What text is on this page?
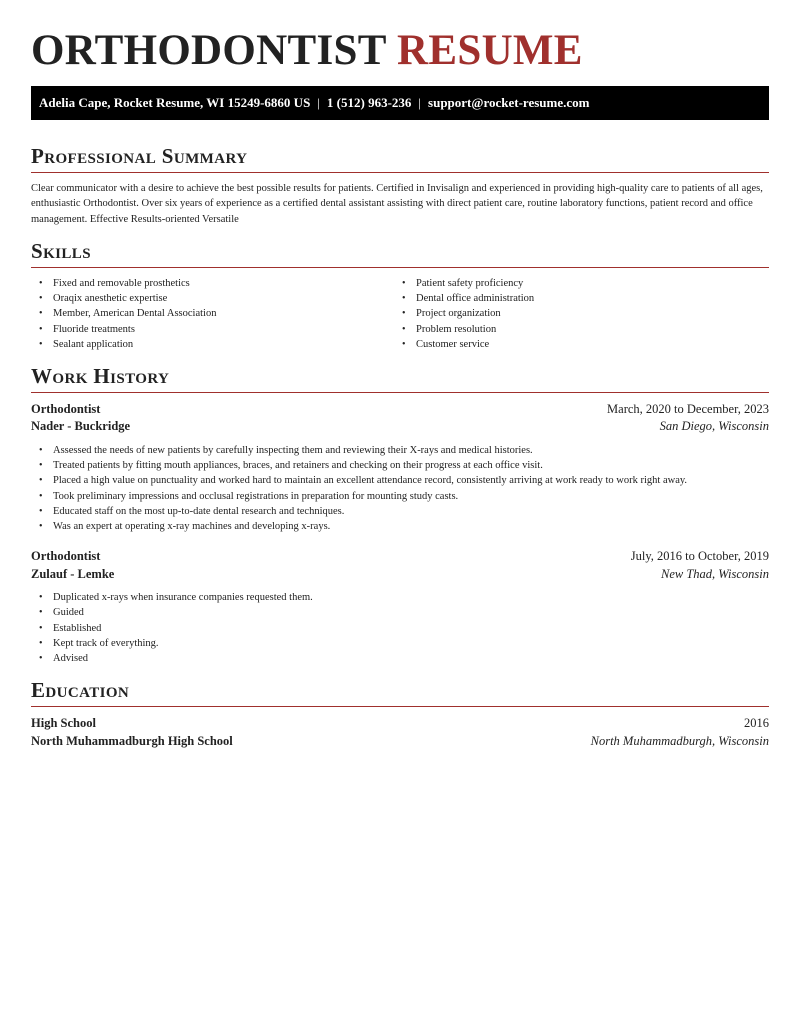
ORTHODONTIST RESUME
Adelia Cape, Rocket Resume, WI 15249-6860 US | 1 (512) 963-236 | support@rocket-resume.com
Professional Summary

Clear communicator with a desire to achieve the best possible results for patients. Certified in Invisalign and experienced in providing high-quality care to patients of all ages, enthusiastic Orthodontist. Over six years of experience as a certified dental assistant assisting with direct patient care, routine laboratory functions, patient record and office management. Effective Results-oriented Versatile

Skills
• Fixed and removable prosthetics
• Oraqix anesthetic expertise
• Member, American Dental Association
• Fluoride treatments
• Sealant application
• Patient safety proficiency
• Dental office administration
• Project organization
• Problem resolution
• Customer service
Work History
Orthodontist	March, 2020 to December, 2023
Nader - Buckridge	San Diego, Wisconsin
• Assessed the needs of new patients by carefully inspecting them and reviewing their X-rays and medical histories.
• Treated patients by fitting mouth appliances, braces, and retainers and checking on their progress at each office visit.
• Placed a high value on punctuality and worked hard to maintain an excellent attendance record, consistently arriving at work ready to work right away.
• Took preliminary impressions and occlusal registrations in preparation for mounting study casts.
• Educated staff on the most up-to-date dental research and techniques.
• Was an expert at operating x-ray machines and developing x-rays.
Orthodontist	July, 2016 to October, 2019
Zulauf - Lemke	New Thad, Wisconsin
• Duplicated x-rays when insurance companies requested them.
• Guided
• Established
• Kept track of everything.
• Advised
Education
High School	2016
North Muhammadburgh High School	North Muhammadburgh, Wisconsin
